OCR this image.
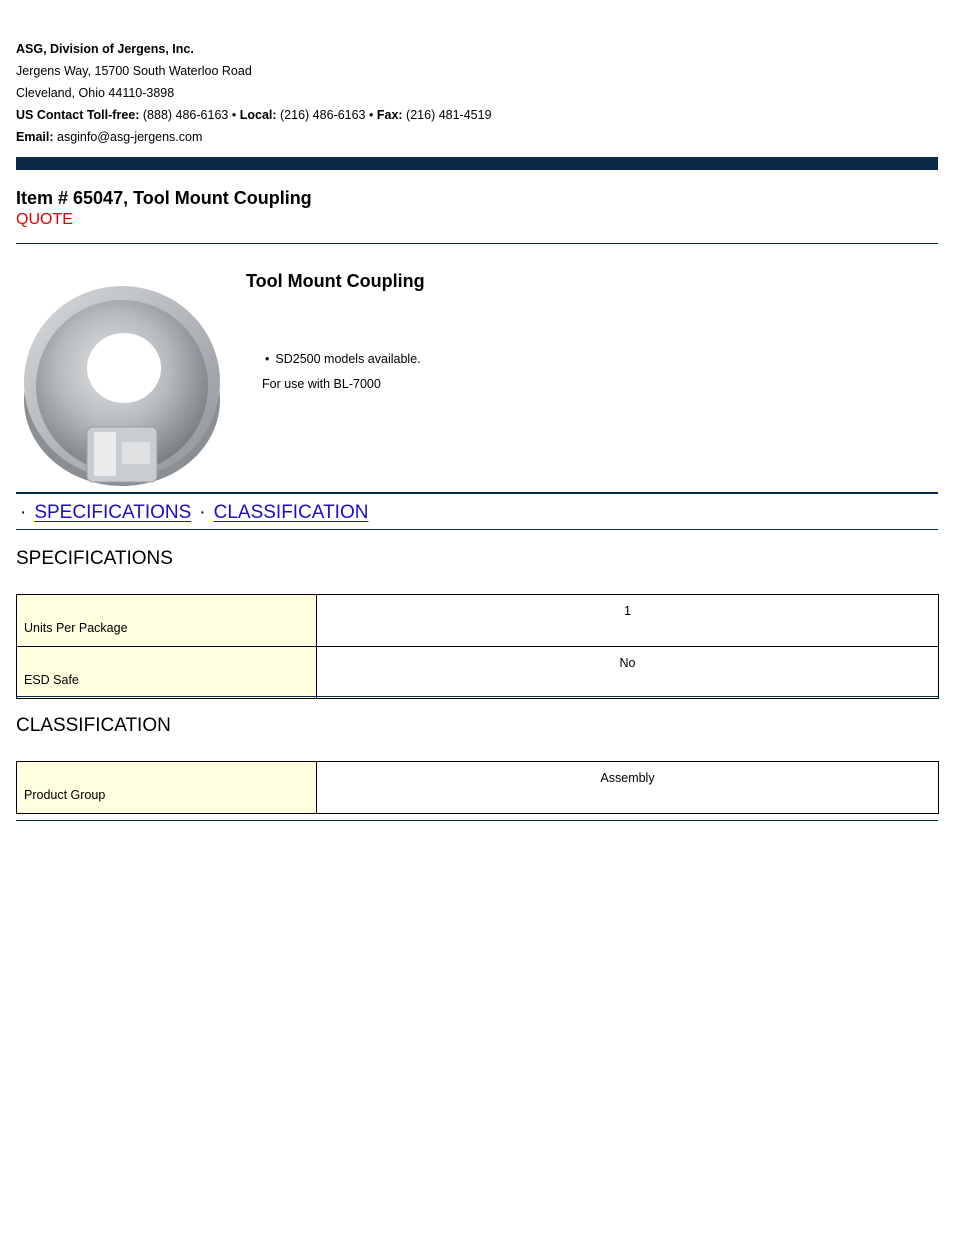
ASG, Division of Jergens, Inc.
Jergens Way, 15700 South Waterloo Road
Cleveland, Ohio 44110-3898
US Contact Toll-free: (888) 486-6163 • Local: (216) 486-6163 • Fax: (216) 481-4519
Email: asginfo@asg-jergens.com
Item # 65047, Tool Mount Coupling
QUOTE
Tool Mount Coupling
• SD2500 models available.
For use with BL-7000
· SPECIFICATIONS · CLASSIFICATION
SPECIFICATIONS
Units Per Package	1
ESD Safe	No
CLASSIFICATION
Product Group	Assembly
